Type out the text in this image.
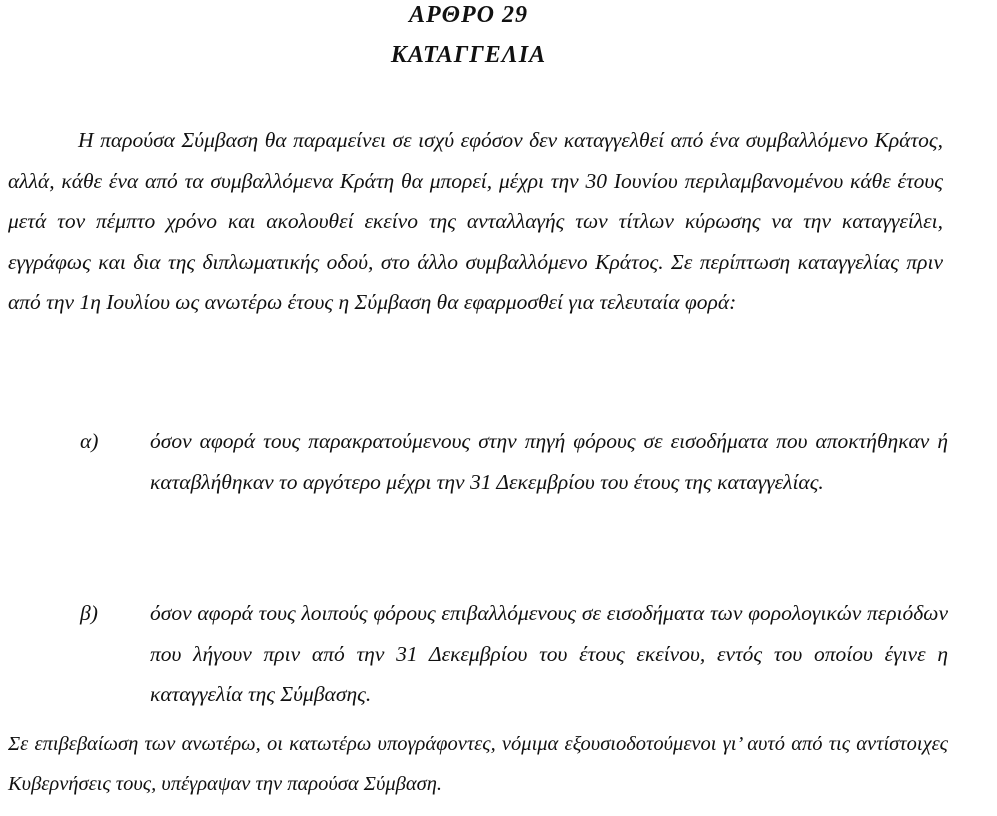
ΑΡΘΡΟ 29
ΚΑΤΑΓΓΕΛΙΑ
Η παρούσα Σύμβαση θα παραμείνει σε ισχύ εφόσον δεν καταγγελθεί από ένα συμβαλλόμενο Κράτος, αλλά, κάθε ένα από τα συμβαλλόμενα Κράτη θα μπορεί, μέχρι την 30 Ιουνίου περιλαμβανομένου κάθε έτους μετά τον πέμπτο χρόνο και ακολουθεί εκείνο της ανταλλαγής των τίτλων κύρωσης να την καταγγείλει, εγγράφως και δια της διπλωματικής οδού, στο άλλο συμβαλλόμενο Κράτος. Σε περίπτωση καταγγελίας πριν από την 1η Ιουλίου ως ανωτέρω έτους η Σύμβαση θα εφαρμοσθεί για τελευταία φορά:
α) όσον αφορά τους παρακρατούμενους στην πηγή φόρους σε εισοδήματα που αποκτήθηκαν ή καταβλήθηκαν το αργότερο μέχρι την 31 Δεκεμβρίου του έτους της καταγγελίας.
β) όσον αφορά τους λοιπούς φόρους επιβαλλόμενους σε εισοδήματα των φορολογικών περιόδων που λήγουν πριν από την 31 Δεκεμβρίου του έτους εκείνου, εντός του οποίου έγινε η καταγγελία της Σύμβασης.
Σε επιβεβαίωση των ανωτέρω, οι κατωτέρω υπογράφοντες, νόμιμα εξουσιοδοτούμενοι γι’ αυτό από τις αντίστοιχες Κυβερνήσεις τους, υπέγραψαν την παρούσα Σύμβαση.
